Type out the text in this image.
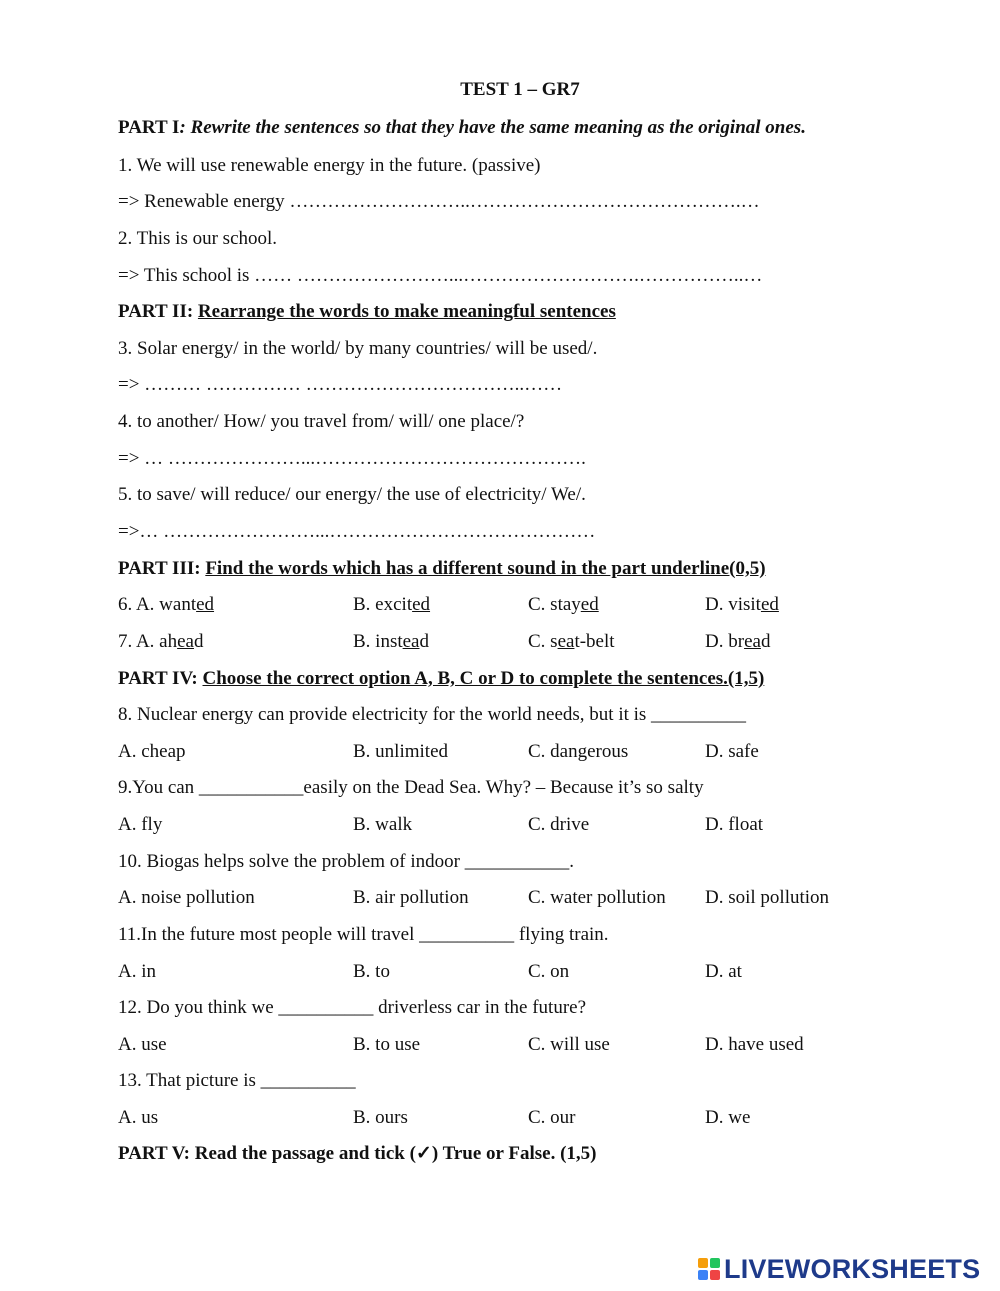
TEST 1 – GR7
PART I: Rewrite the sentences so that they have the same meaning as the original ones.
1. We will use renewable energy in the future. (passive)
=> Renewable energy ………………………..…………………………………….…
2. This is our school.
=> This school is …… ……………………...……………………….……………..…
PART II: Rearrange the words to make meaningful sentences
3. Solar energy/ in the world/ by many countries/ will be used/.
=> ……… …………… ……………………………..……
4. to another/ How/ you travel from/ will/ one place/?
=> … …………………...…………………………………….
5. to save/ will reduce/ our energy/ the use of electricity/ We/.
=>… ……………………...……………………………………
PART III: Find the words which has a different sound in the part underline(0,5)
6. A. wanted	B. excited	C. stayed	D. visited
7. A. ahead	B. instead	C. seat-belt	D. bread
PART IV: Choose the correct option A, B, C or D to complete the sentences.(1,5)
8. Nuclear energy can provide electricity for the world needs, but it is __________
A. cheap	B. unlimited	C. dangerous	D. safe
9.You can ___________easily on the Dead Sea. Why? – Because it’s so salty
A. fly	B. walk	C. drive	D. float
10. Biogas helps solve the problem of indoor ___________.
A. noise pollution	B. air pollution	C. water pollution D. soil pollution
11.In the future most people will travel __________ flying train.
A. in	B. to	C. on	D. at
12. Do you think we __________ driverless car in the future?
A. use	B. to use	C. will use	D. have used
13. That picture is __________
A. us	B. ours	C. our	D. we
PART V: Read the passage and tick (✓) True or False. (1,5)
LIVEWORKSHEETS
